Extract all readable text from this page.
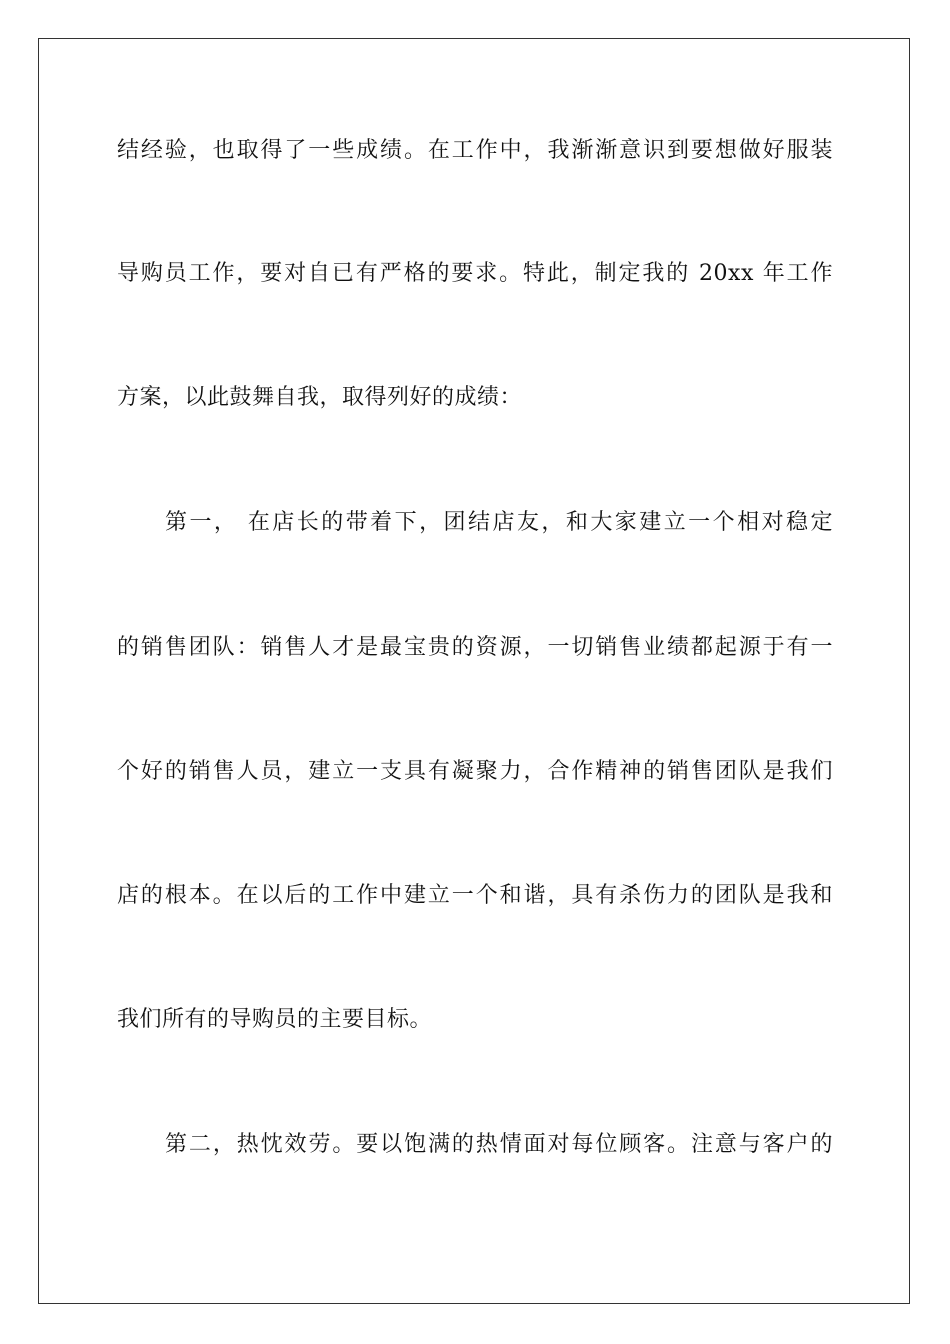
结经验，也取得了一些成绩。在工作中，我渐渐意识到要想做好服装
导购员工作，要对自已有严格的要求。特此，制定我的 20xx 年工作
方案，以此鼓舞自我，取得列好的成绩：
第一， 在店长的带着下，团结店友，和大家建立一个相对稳定
的销售团队：销售人才是最宝贵的资源，一切销售业绩都起源于有一
个好的销售人员，建立一支具有凝聚力，合作精神的销售团队是我们
店的根本。在以后的工作中建立一个和谐，具有杀伤力的团队是我和
我们所有的导购员的主要目标。
第二，热忱效劳。要以饱满的热情面对每位顾客。注意与客户的
